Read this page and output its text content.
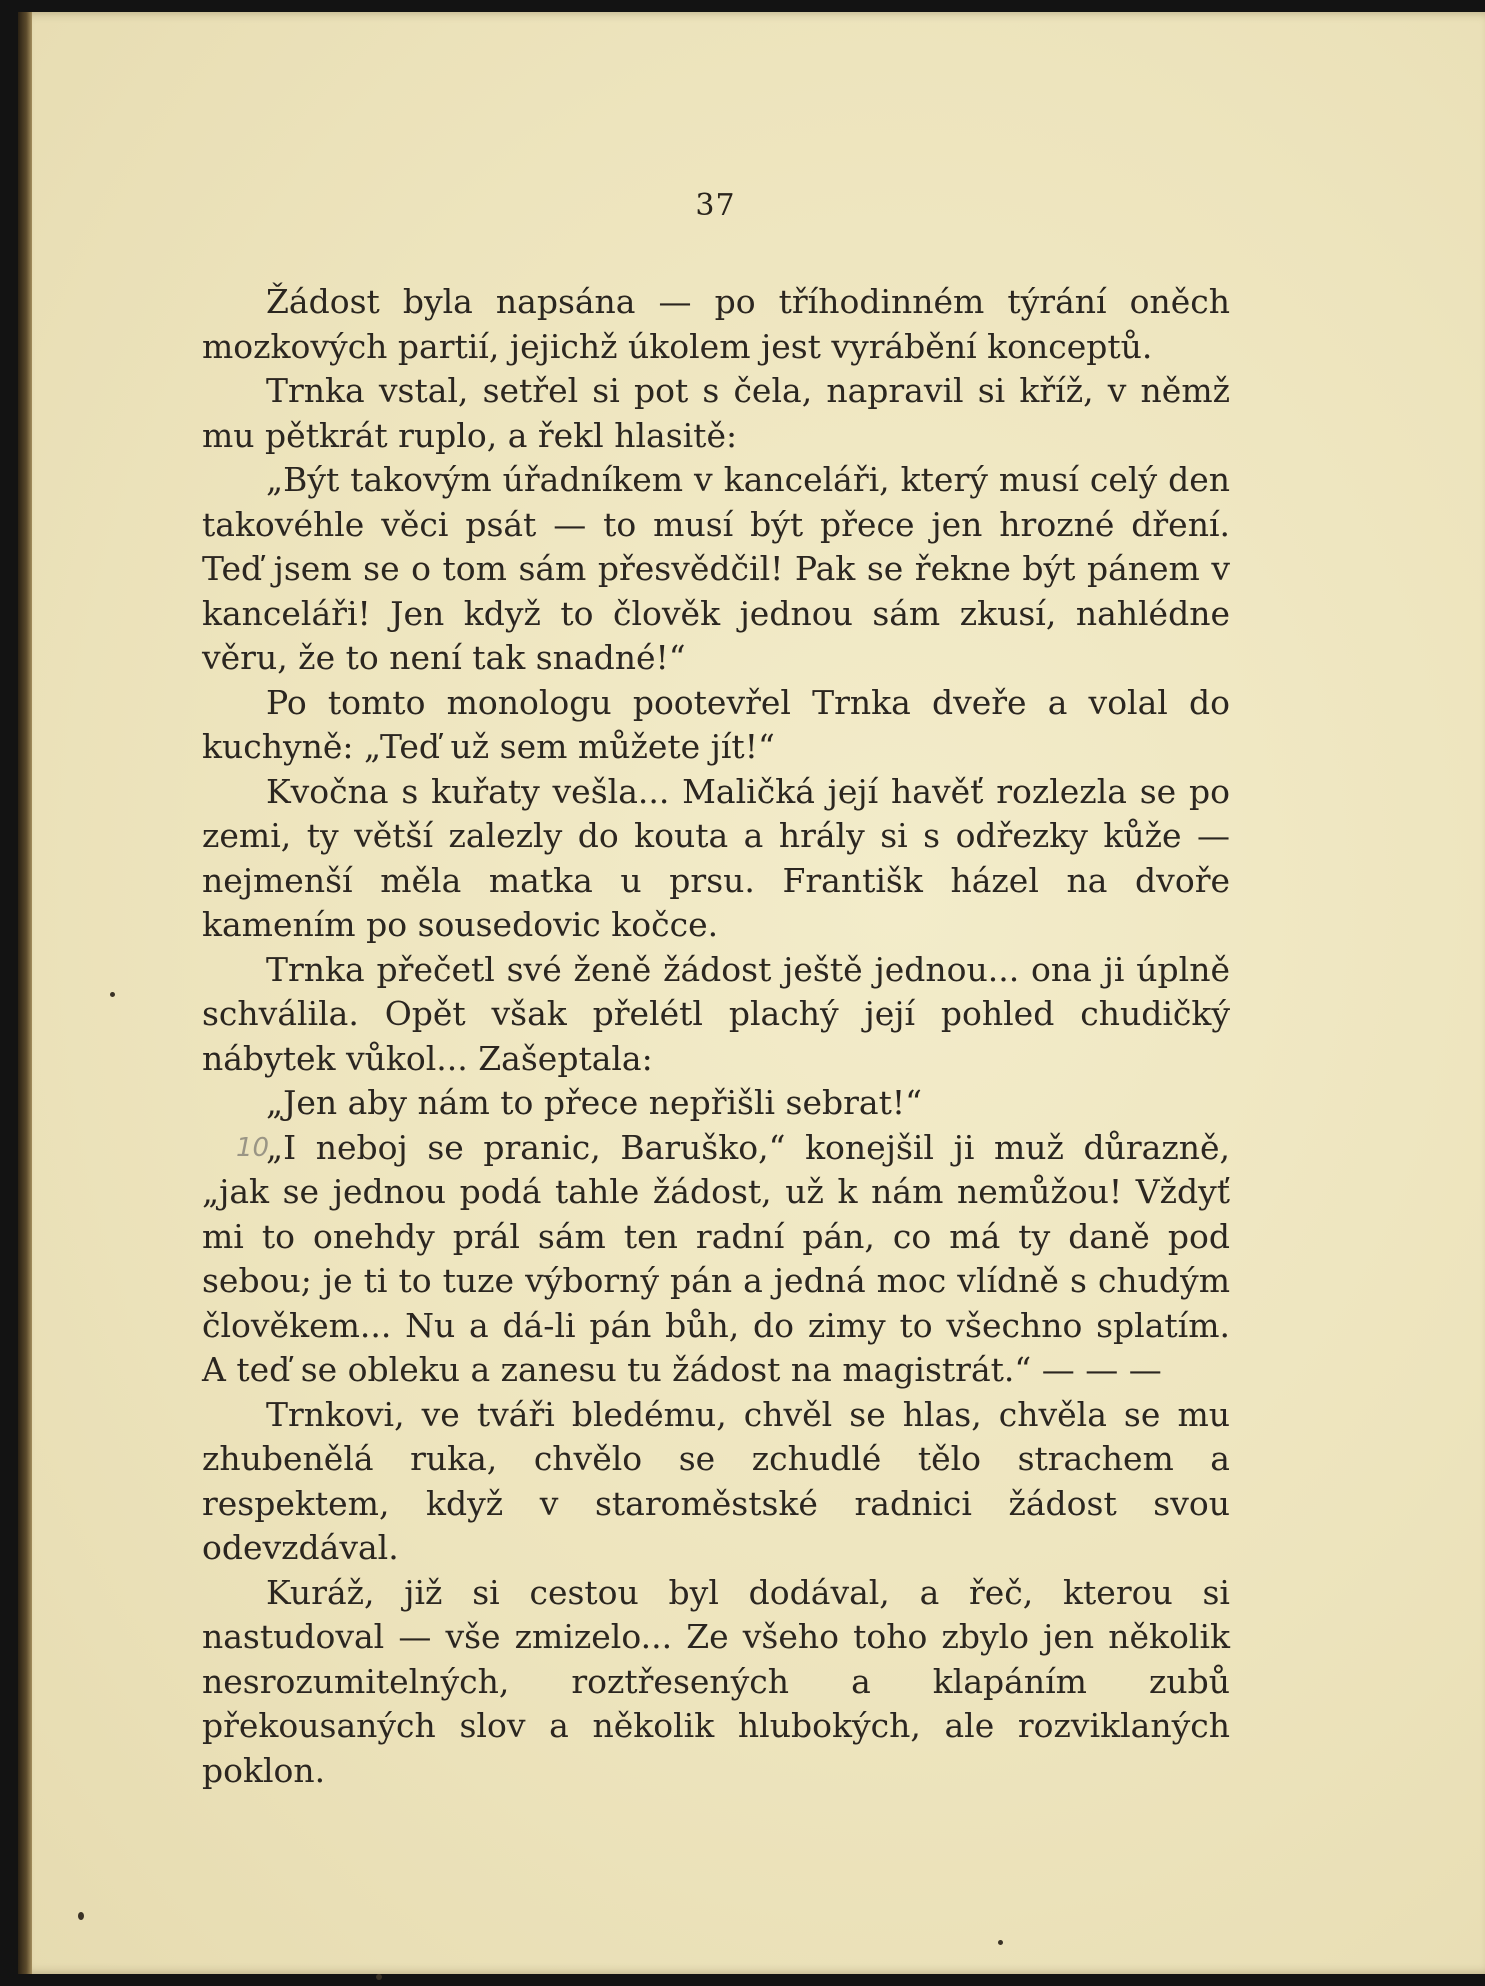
37
10

Žádost byla napsána — po tříhodinném týrání oněch mozkových partií, jejichž úkolem jest vyrábění konceptů.

Trnka vstal, setřel si pot s čela, napravil si kříž, v němž mu pětkrát ruplo, a řekl hlasitě:

„Být takovým úřadníkem v kanceláři, který musí celý den takovéhle věci psát — to musí být přece jen hrozné dření. Teď jsem se o tom sám přesvědčil! Pak se řekne být pánem v kanceláři! Jen když to člověk jednou sám zkusí, nahlédne věru, že to není tak snadné!“

Po tomto monologu pootevřel Trnka dveře a volal do kuchyně: „Teď už sem můžete jít!“

Kvočna s kuřaty vešla... Maličká její havěť rozlezla se po zemi, ty větší zalezly do kouta a hrály si s odřezky kůže — nejmenší měla matka u prsu. Františk házel na dvoře kamením po sousedovic kočce.

Trnka přečetl své ženě žádost ještě jednou... ona ji úplně schválila. Opět však přelétl plachý její pohled chudičký nábytek vůkol... Zašeptala:

„Jen aby nám to přece nepřišli sebrat!“

„I neboj se pranic, Baruško,“ konejšil ji muž důrazně, „jak se jednou podá tahle žádost, už k nám nemůžou! Vždyť mi to onehdy prál sám ten radní pán, co má ty daně pod sebou; je ti to tuze výborný pán a jedná moc vlídně s chudým člověkem... Nu a dá-li pán bůh, do zimy to všechno splatím. A teď se obleku a zanesu tu žádost na magistrát.“ — — —

Trnkovi, ve tváři bledému, chvěl se hlas, chvěla se mu zhubenělá ruka, chvělo se zchudlé tělo strachem a respektem, když v staroměstské radnici žádost svou odevzdával.

Kuráž, již si cestou byl dodával, a řeč, kterou si nastudoval — vše zmizelo... Ze všeho toho zbylo jen několik nesrozumitelných, roztřesených a klapáním zubů překousaných slov a několik hlubokých, ale rozviklaných poklon.
